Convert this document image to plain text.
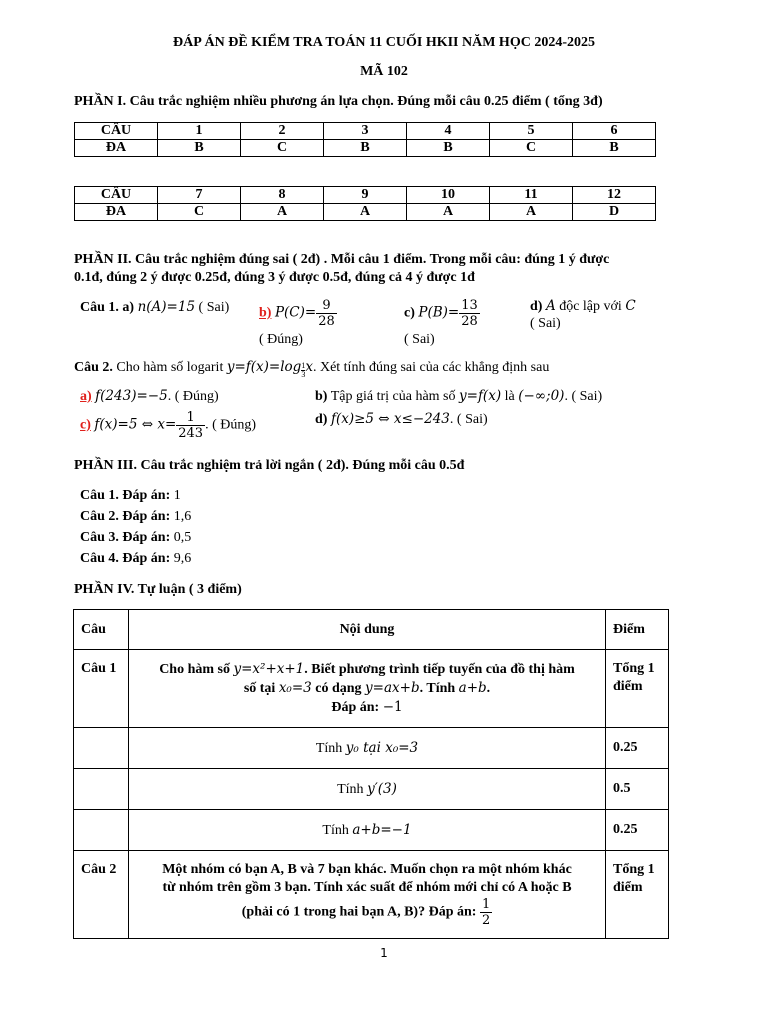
ĐÁP ÁN ĐỀ KIỂM TRA TOÁN 11 CUỐI HKII NĂM HỌC 2024-2025
MÃ 102
PHẦN I. Câu trắc nghiệm nhiều phương án lựa chọn. Đúng mỗi câu 0.25 điểm ( tổng 3đ)
CÂU	1	2	3	4	5	6
ĐA	B	C	B	B	C	B
CÂU	7	8	9	10	11	12
ĐA	C	A	A	A	A	D
PHẦN II. Câu trắc nghiệm đúng sai ( 2đ) . Mỗi câu 1 điểm. Trong mỗi câu: đúng 1 ý được
0.1đ, đúng 2 ý được 0.25đ, đúng 3 ý được 0.5đ, đúng cả 4 ý được 1đ
Câu 1. a) n(A)=15 ( Sai) b) $P(C)= \frac{9}{28}$
( Đúng)
c) $P(B)= \frac{13}{28}$
( Sai)
d) A độc lập với C
( Sai)
Câu 2. Cho hàm số logarit $y=f(x)=\log \frac{1}{3} x$. Xét tính đúng sai của các khẳng định sau
a) f(243)=−5. ( Đúng)	b) Tập giá trị của hàm số y=f(x) là (−∞;0). ( Sai)
c) f(x)=5 ⇔ $x= \frac{1}{243}$ . ( Đúng)	d) f(x)≥5 ⇔ x≤−243. ( Sai)
PHẦN III. Câu trắc nghiệm trả lời ngắn ( 2đ). Đúng mỗi câu 0.5đ
Câu 1. Đáp án: 1
Câu 2. Đáp án: 1,6
Câu 3. Đáp án: 0,5
Câu 4. Đáp án: 9,6
PHẦN IV. Tự luận ( 3 điểm)
Câu	Nội dung	Điểm
Câu 1	Cho hàm số y=x²+x+1. Biết phương trình tiếp tuyến của đồ thị hàm
số tại x₀=3 có dạng y=ax+b. Tính a+b.
Đáp án: −1	Tổng 1 điểm
	Tính y₀ tại x₀=3	0.25
	Tính y′(3)	0.5
	Tính a+b=−1	0.25
Câu 2	Một nhóm có bạn A, B và 7 bạn khác. Muốn chọn ra một nhóm khác
từ nhóm trên gồm 3 bạn. Tính xác suất để nhóm mới chỉ có A hoặc B
(phải có 1 trong hai bạn A, B)? Đáp án: $\frac{1}{2}$	Tổng 1 điểm
1
